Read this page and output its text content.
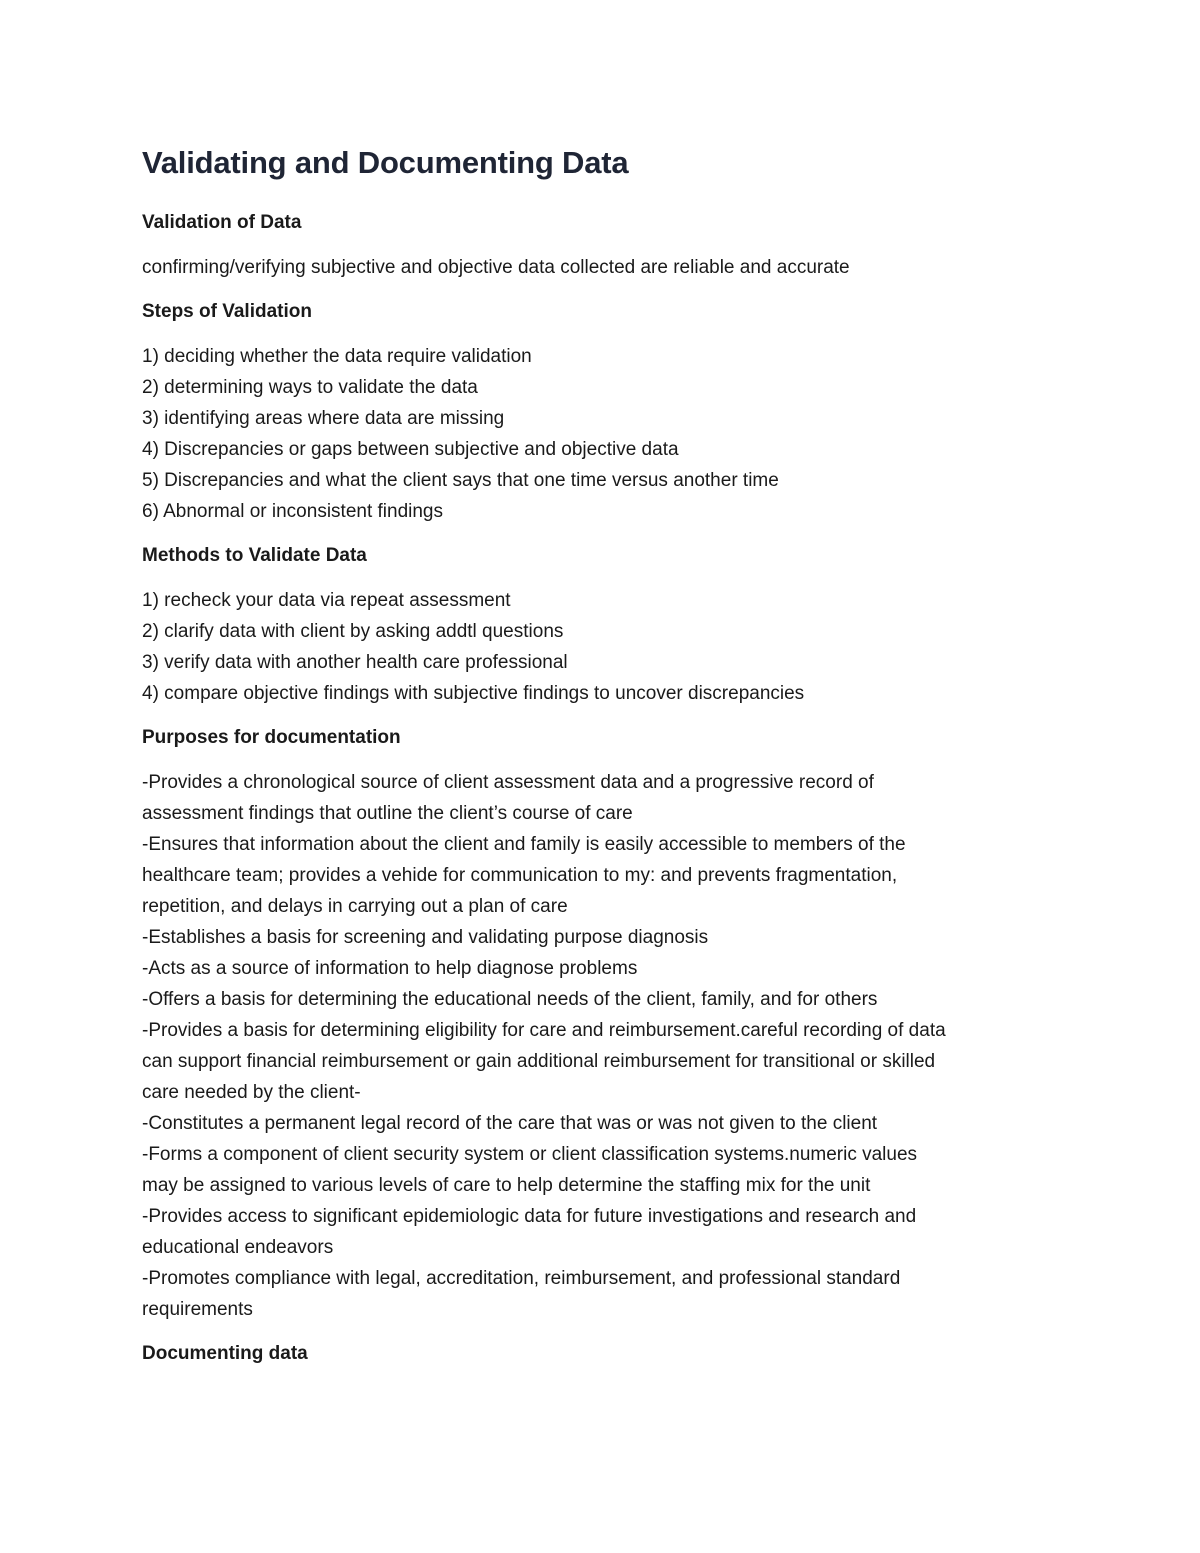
Validating and Documenting Data
Validation of Data

confirming/verifying subjective and objective data collected are reliable and accurate

Steps of Validation
1) deciding whether the data require validation
2) determining ways to validate the data
3) identifying areas where data are missing
4) Discrepancies or gaps between subjective and objective data
5) Discrepancies and what the client says that one time versus another time
6) Abnormal or inconsistent findings
Methods to Validate Data
1) recheck your data via repeat assessment
2) clarify data with client by asking addtl questions
3) verify data with another health care professional
4) compare objective findings with subjective findings to uncover discrepancies
Purposes for documentation
-Provides a chronological source of client assessment data and a progressive record of
assessment findings that outline the client’s course of care
-Ensures that information about the client and family is easily accessible to members of the
healthcare team; provides a vehide for communication to my: and prevents fragmentation,
repetition, and delays in carrying out a plan of care
-Establishes a basis for screening and validating purpose diagnosis
-Acts as a source of information to help diagnose problems
-Offers a basis for determining the educational needs of the client, family, and for others
-Provides a basis for determining eligibility for care and reimbursement.careful recording of data
can support financial reimbursement or gain additional reimbursement for transitional or skilled
care needed by the client-
-Constitutes a permanent legal record of the care that was or was not given to the client
-Forms a component of client security system or client classification systems.numeric values
may be assigned to various levels of care to help determine the staffing mix for the unit
-Provides access to significant epidemiologic data for future investigations and research and
educational endeavors
-Promotes compliance with legal, accreditation, reimbursement, and professional standard
requirements
Documenting data
